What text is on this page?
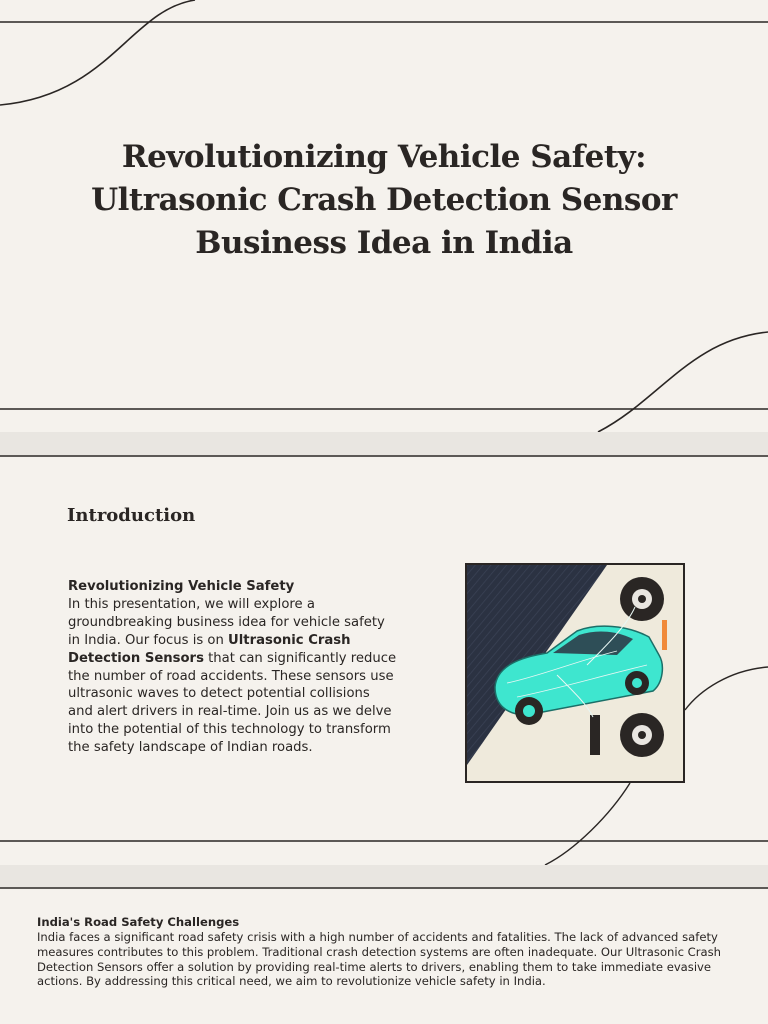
Revolutionizing Vehicle Safety:
Ultrasonic Crash Detection Sensor
Business Idea in India
Introduction
Revolutionizing Vehicle Safety
In this presentation, we will explore a groundbreaking business idea for vehicle safety in India. Our focus is on Ultrasonic Crash Detection Sensors that can significantly reduce the number of road accidents. These sensors use ultrasonic waves to detect potential collisions and alert drivers in real-time. Join us as we delve into the potential of this technology to transform the safety landscape of Indian roads.
India's Road Safety Challenges

India faces a significant road safety crisis with a high number of accidents and fatalities. The lack of advanced safety measures contributes to this problem. Traditional crash detection systems are often inadequate. Our Ultrasonic Crash Detection Sensors offer a solution by providing real-time alerts to drivers, enabling them to take immediate evasive actions. By addressing this critical need, we aim to revolutionize vehicle safety in India.
